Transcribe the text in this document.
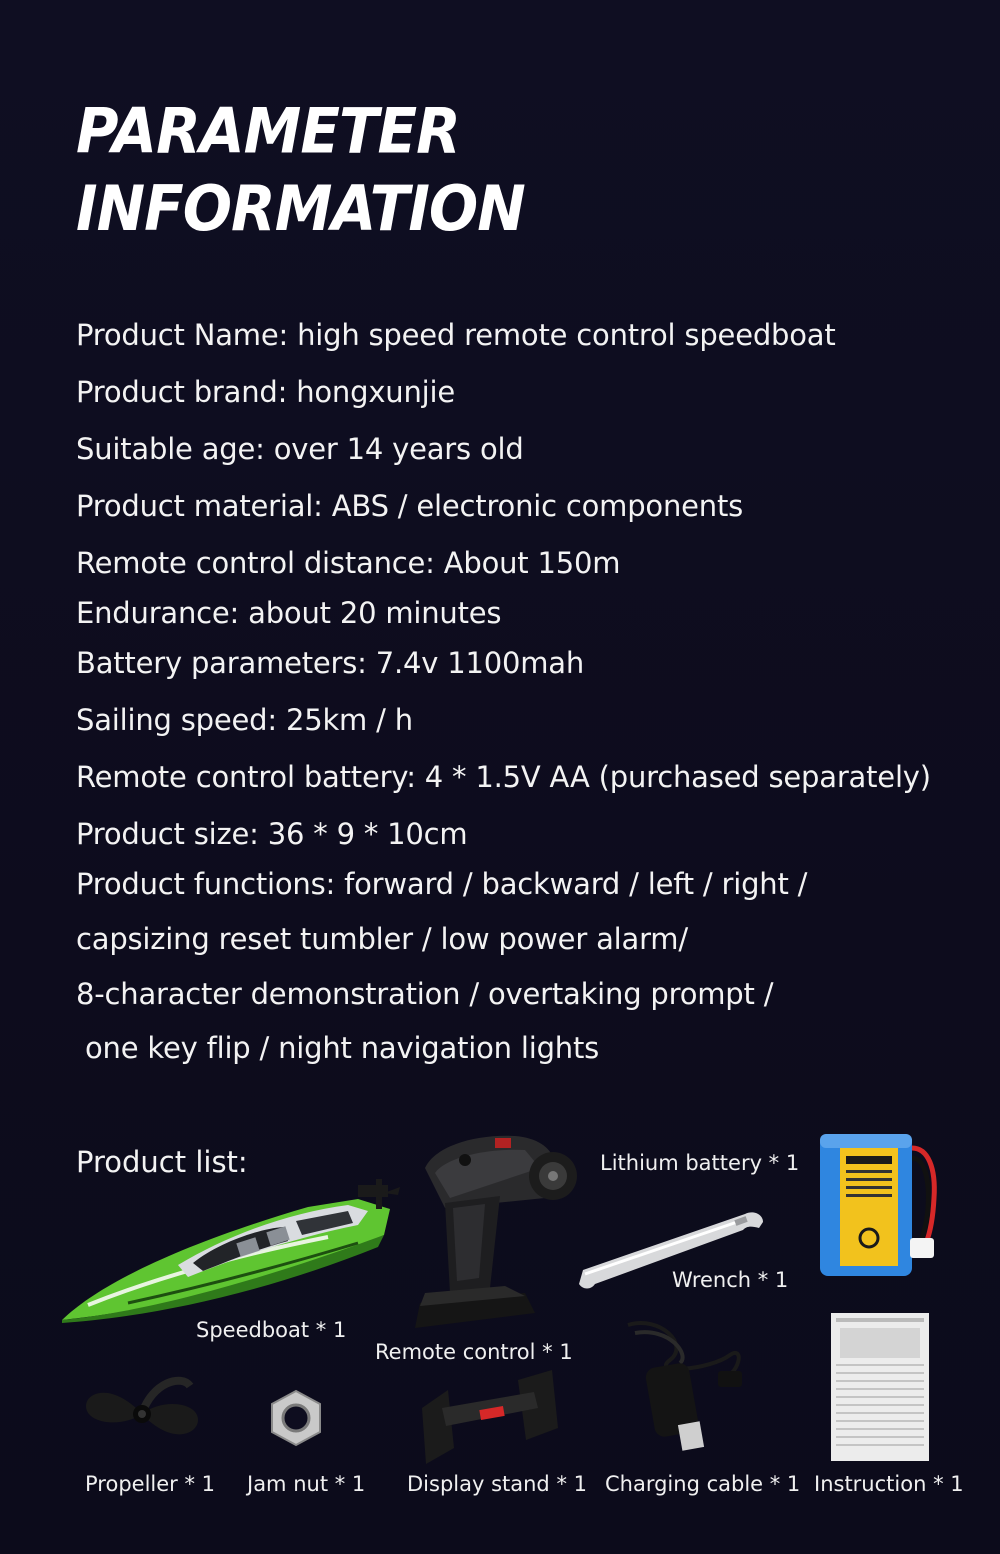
PARAMETER
INFORMATION
Product Name: high speed remote control speedboat
Product brand: hongxunjie
Suitable age: over 14 years old
Product material: ABS / electronic components
Remote control distance: About 150m
Endurance: about 20 minutes
Battery parameters: 7.4v 1100mah
Sailing speed: 25km / h
Remote control battery: 4 * 1.5V AA (purchased separately)
Product size: 36 * 9 * 10cm
Product functions: forward / backward / left / right /
capsizing reset tumbler / low power alarm/
8-character demonstration / overtaking prompt /
one key flip / night navigation lights
Product list:
Speedboat * 1
Remote control * 1
Lithium battery * 1
Wrench * 1
Charging cable * 1 Instruction * 1
Propeller * 1 Jam nut * 1 Display stand * 1
